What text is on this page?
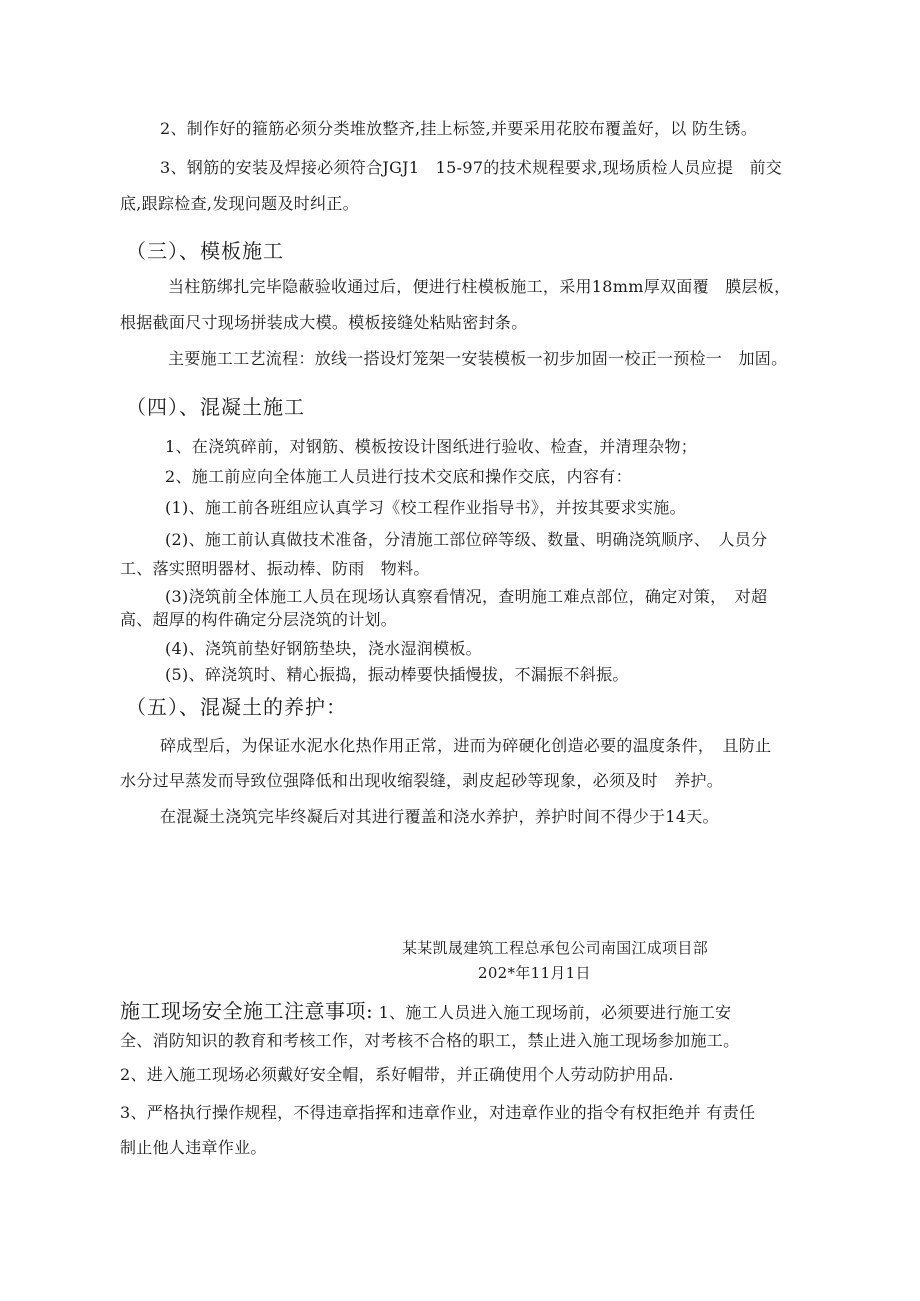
2、制作好的箍筋必须分类堆放整齐,挂上标签,并要采用花胶布覆盖好，以 防生锈。
3、钢筋的安装及焊接必须符合JGJ1　15-97的技术规程要求,现场质检人员应提　前交
底,跟踪检查,发现问题及时纠正。
（三）、模板施工
当柱筋绑扎完毕隐蔽验收通过后，便进行柱模板施工，采用18mm厚双面覆　膜层板，
根据截面尺寸现场拼装成大模。模板接缝处粘贴密封条。
主要施工工艺流程：放线一搭设灯笼架一安装模板一初步加固一校正一预检一　加固。
（四）、混凝土施工
1、在浇筑碎前，对钢筋、模板按设计图纸进行验收、检查，并清理杂物；
2、施工前应向全体施工人员进行技术交底和操作交底，内容有：
(1)、施工前各班组应认真学习《校工程作业指导书》，并按其要求实施。
(2)、施工前认真做技术准备，分清施工部位碎等级、数量、明确浇筑顺序、　人员分
工、落实照明器材、振动棒、防雨　物料。
(3)浇筑前全体施工人员在现场认真察看情况，查明施工难点部位，确定对策，　对超
高、超厚的构件确定分层浇筑的计划。
(4)、浇筑前垫好钢筋垫块，浇水湿润模板。
(5)、碎浇筑时、精心振捣，振动棒要快插慢拔，不漏振不斜振。
（五）、混凝土的养护：
碎成型后，为保证水泥水化热作用正常，进而为碎硬化创造必要的温度条件，　且防止
水分过早蒸发而导致位强降低和出现收缩裂缝，剥皮起砂等现象，必须及时　养护。
在混凝土浇筑完毕终凝后对其进行覆盖和浇水养护，养护时间不得少于14天。
某某凯晟建筑工程总承包公司南国江成项目部
202*年11月1日
施工现场安全施工注意事项: 1、施工人员进入施工现场前，必须要进行施工安
全、消防知识的教育和考核工作，对考核不合格的职工，禁止进入施工现场参加施工。
2、进入施工现场必须戴好安全帽，系好帽带，并正确使用个人劳动防护用品.
3、严格执行操作规程，不得违章指挥和违章作业，对违章作业的指令有权拒绝并 有责任
制止他人违章作业。
